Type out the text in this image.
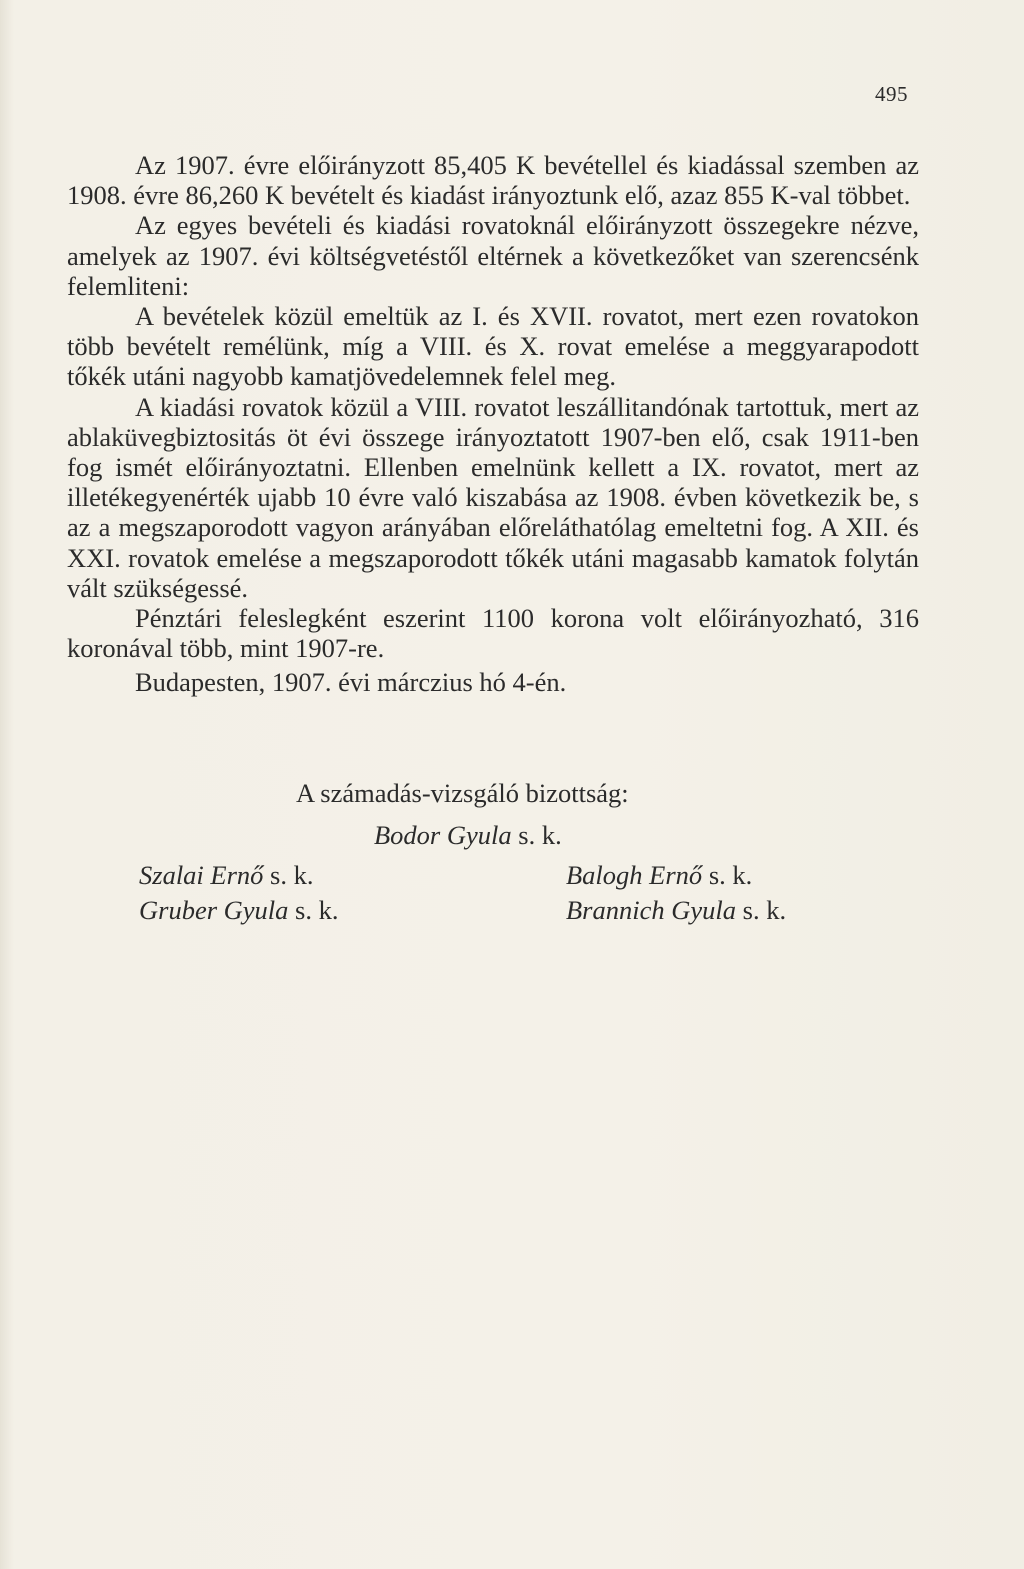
495

Az 1907. évre előirányzott 85,405 K bevétellel és kiadással szemben az 1908. évre 86,260 K bevételt és kiadást irányoztunk elő, azaz 855 K-val többet.

Az egyes bevételi és kiadási rovatoknál előirányzott összegekre nézve, amelyek az 1907. évi költségvetéstől eltérnek a következőket van szerencsénk felemliteni:

A bevételek közül emeltük az I. és XVII. rovatot, mert ezen rovatokon több bevételt remélünk, míg a VIII. és X. rovat emelése a meggyarapodott tőkék utáni nagyobb kamatjövedelemnek felel meg.

A kiadási rovatok közül a VIII. rovatot leszállitandónak tartottuk, mert az ablaküvegbiztositás öt évi összege irányoztatott 1907-ben elő, csak 1911-ben fog ismét előirányoztatni. Ellenben emelnünk kellett a IX. rovatot, mert az illetékegyenérték ujabb 10 évre való kiszabása az 1908. évben következik be, s az a megszaporodott vagyon arányában előreláthatólag emeltetni fog. A XII. és XXI. rovatok emelése a megszaporodott tőkék utáni magasabb kamatok folytán vált szükségessé.

Pénztári feleslegként eszerint 1100 korona volt előirányozható, 316 koronával több, mint 1907-re.

Budapesten, 1907. évi márczius hó 4-én.

A számadás-vizsgáló bizottság:
Bodor Gyula s. k.
Szalai Ernő s. k.	Balogh Ernő s. k.
Gruber Gyula s. k.	Brannich Gyula s. k.
